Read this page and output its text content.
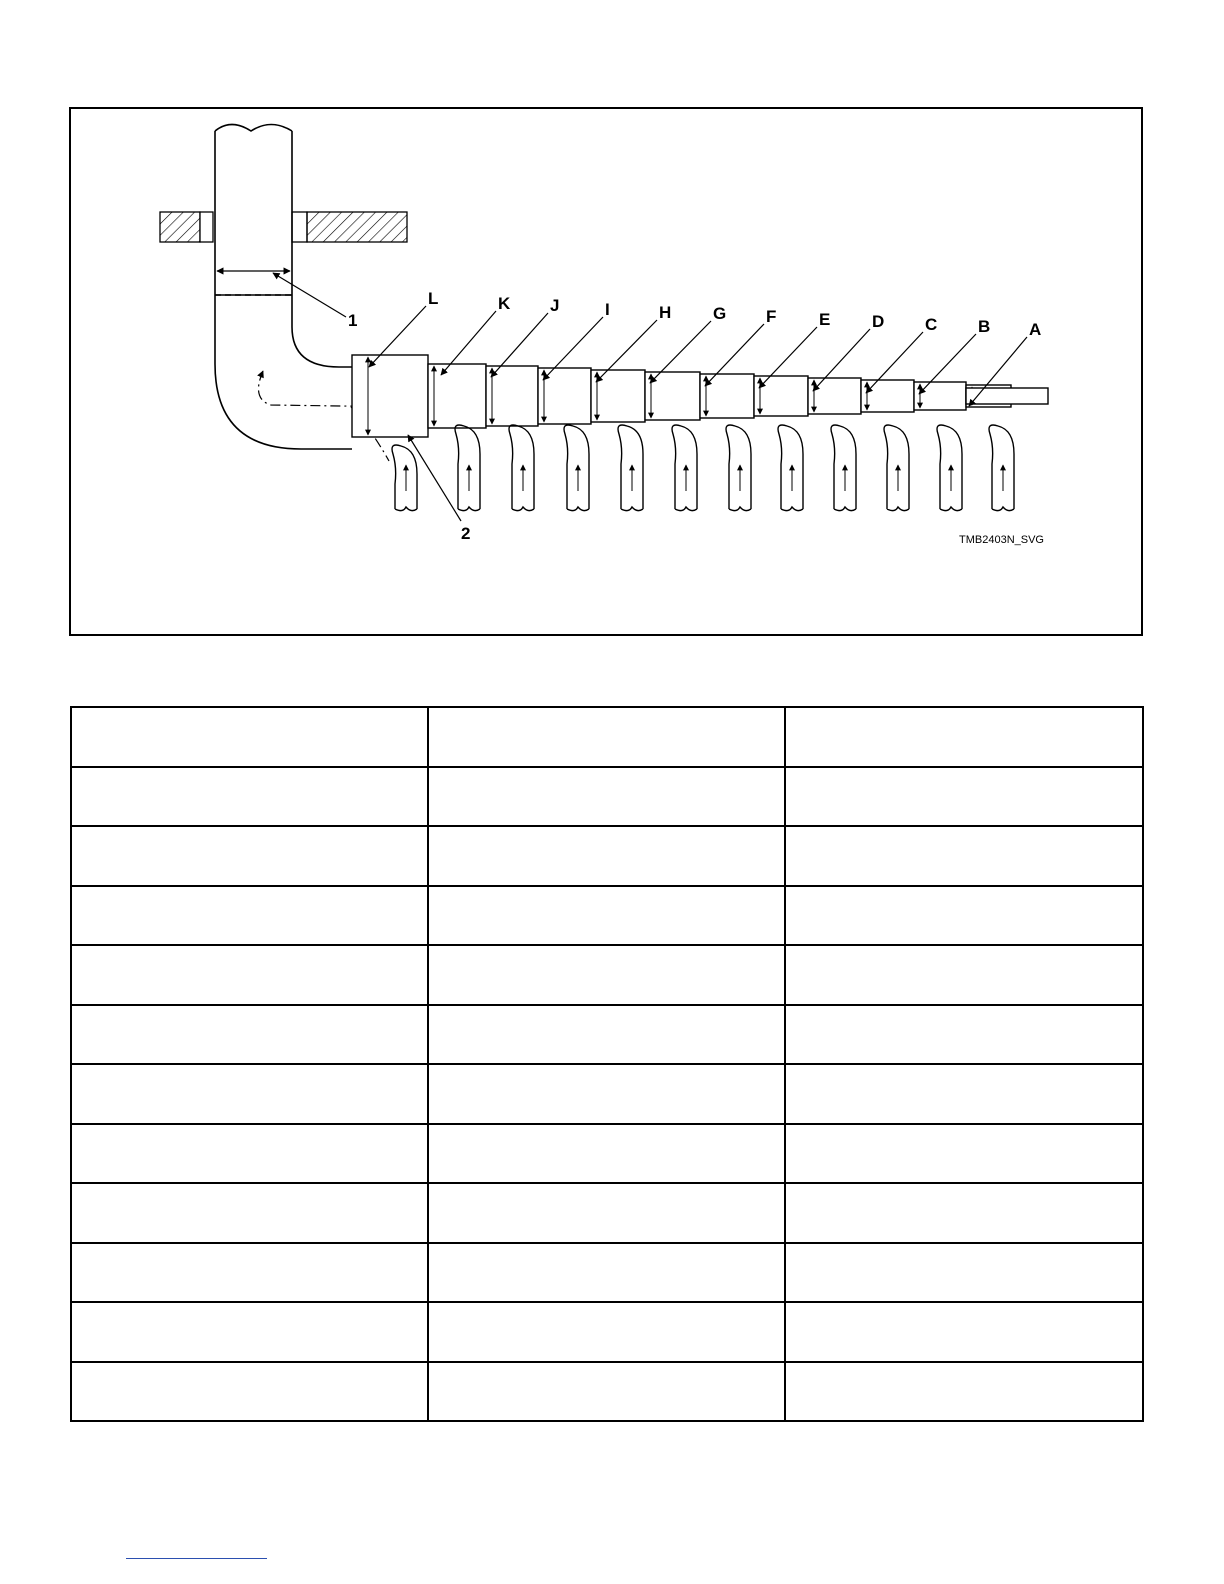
L	K J	I	H G F	E D C B A
1
2	TMB2403N_SVG
